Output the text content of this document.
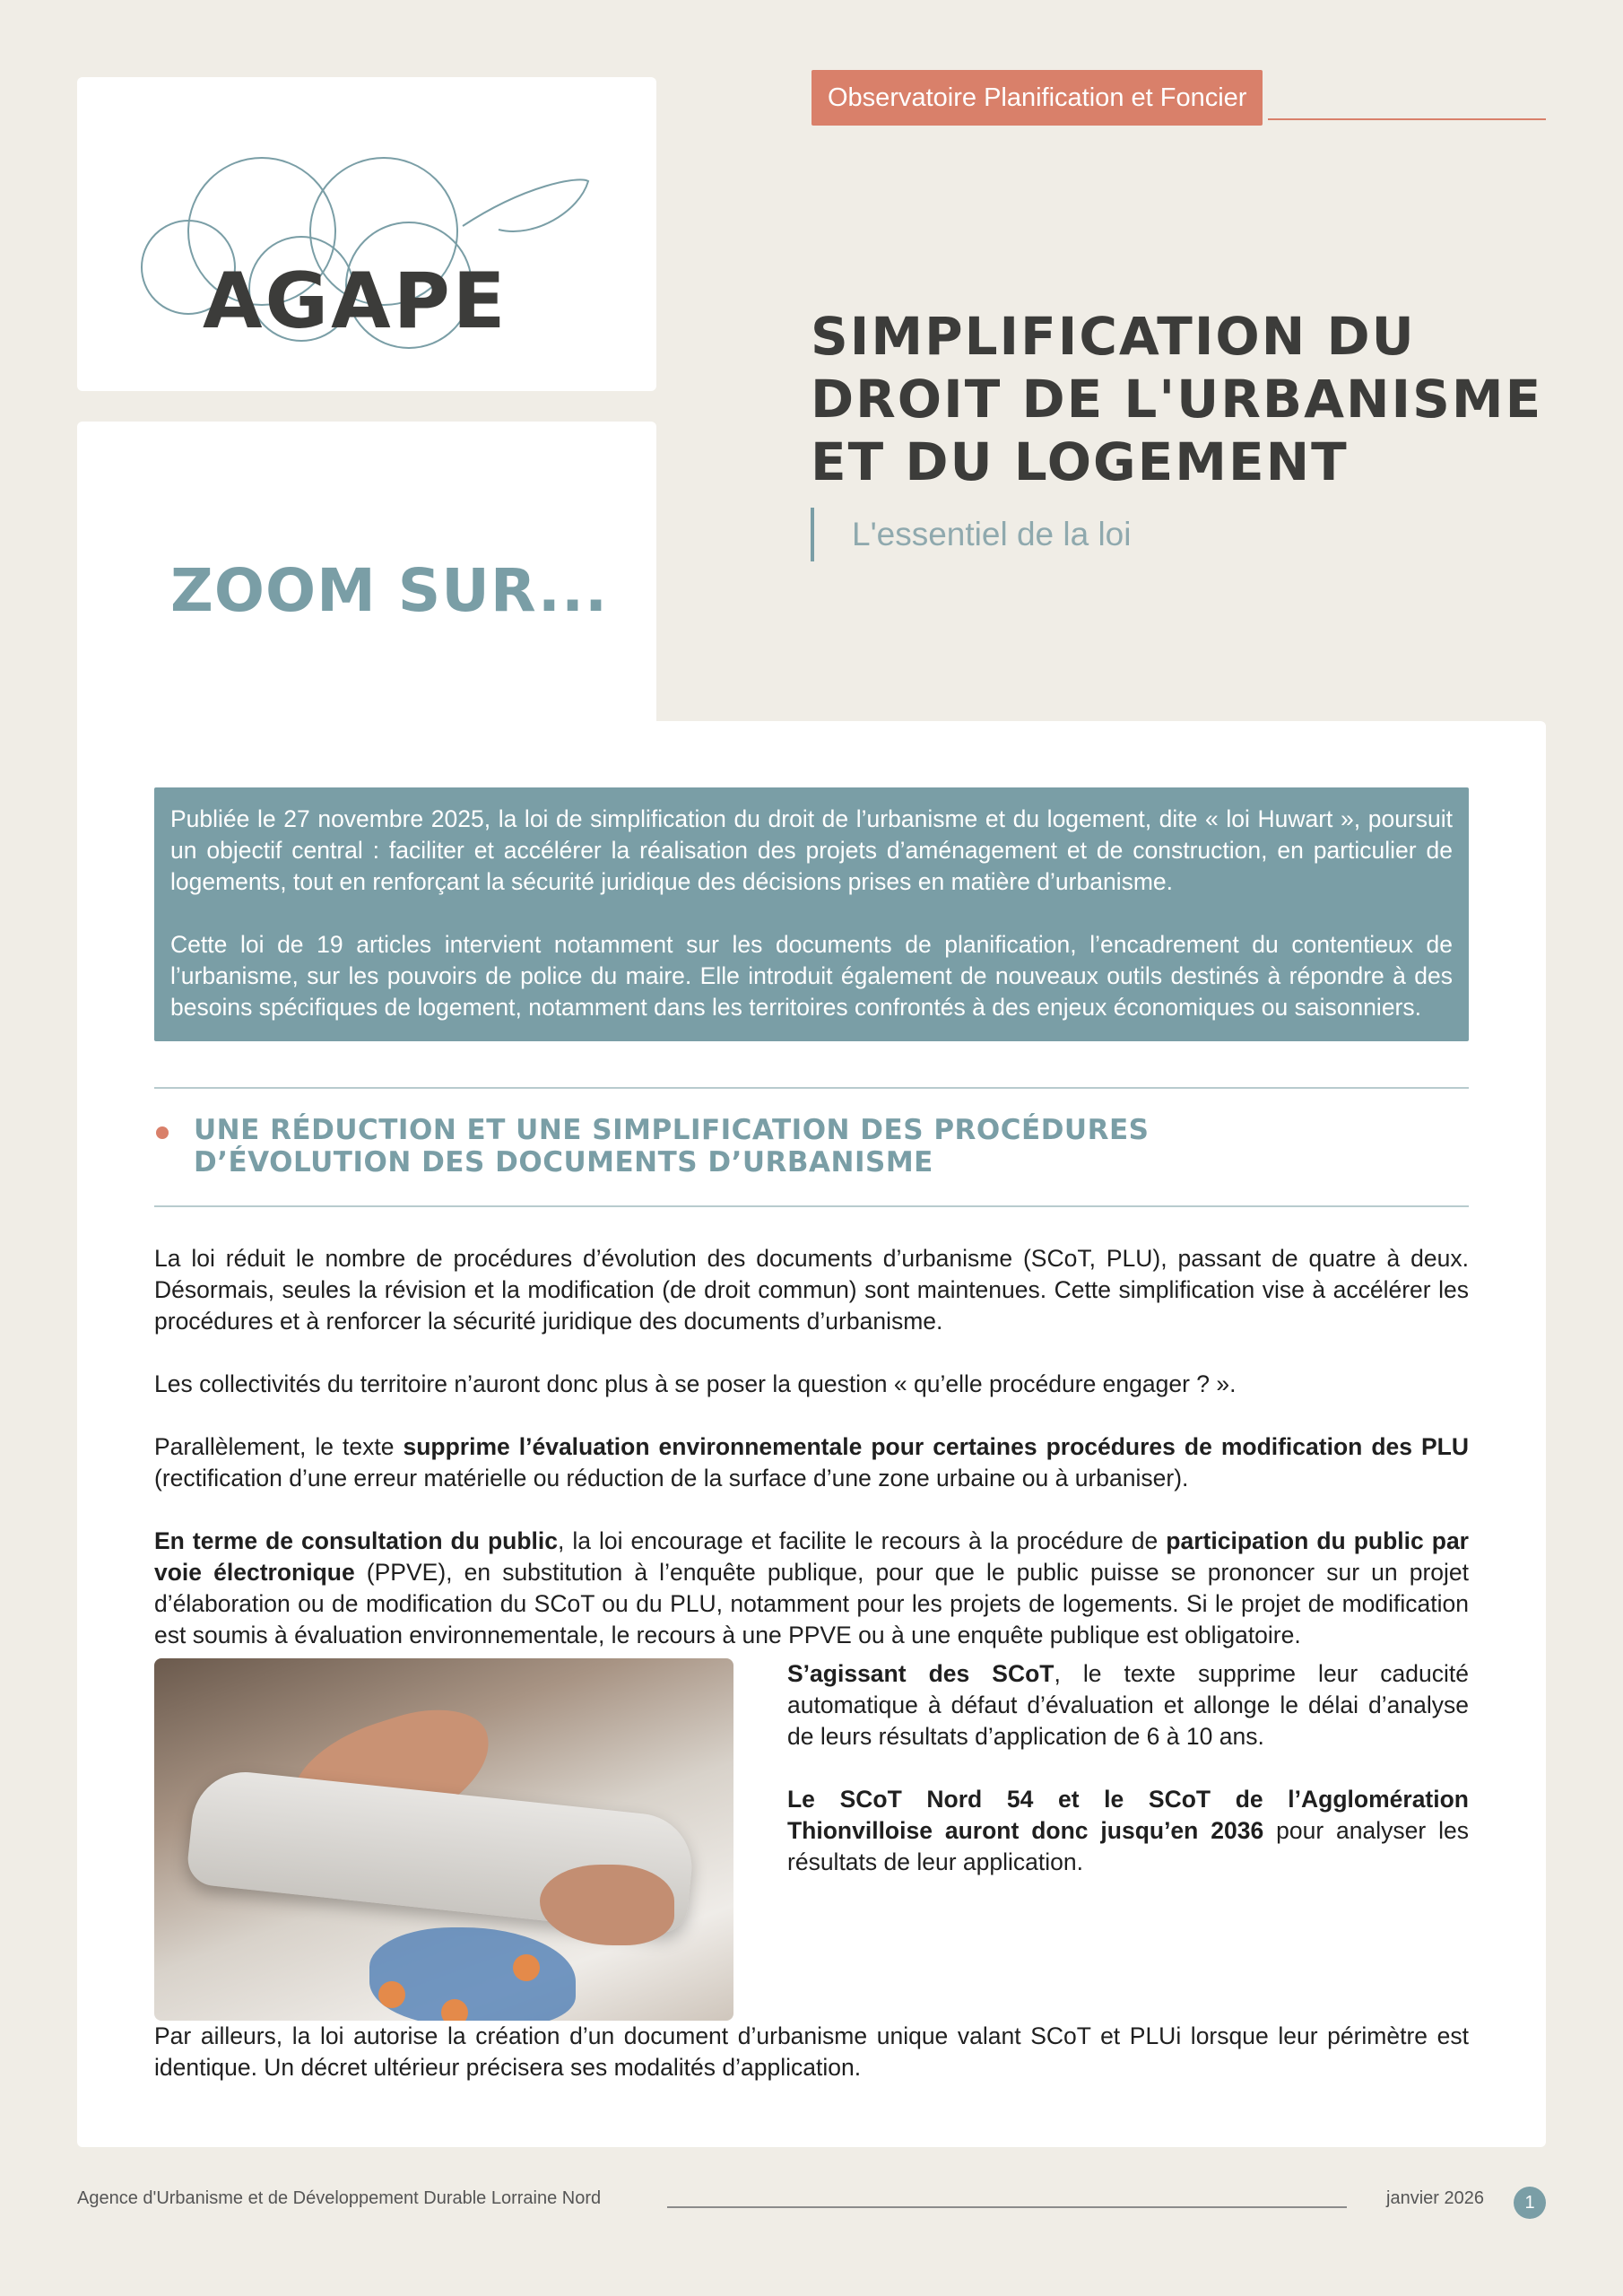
AGAPE

ZOOM SUR...

Observatoire Planification et Foncier
SIMPLIFICATION DU DROIT DE L'URBANISME ET DU LOGEMENT
L'essentiel de la loi

Publiée le 27 novembre 2025, la loi de simplification du droit de l’urbanisme et du logement, dite « loi Huwart », poursuit un objectif central : faciliter et accélérer la réalisation des projets d’aménagement et de construction, en particulier de logements, tout en renforçant la sécurité juridique des décisions prises en matière d’urbanisme.

Cette loi de 19 articles intervient notamment sur les documents de planification, l’encadrement du contentieux de l’urbanisme, sur les pouvoirs de police du maire. Elle introduit également de nouveaux outils destinés à répondre à des besoins spécifiques de logement, notamment dans les territoires confrontés à des enjeux économiques ou saisonniers.

UNE RÉDUCTION ET UNE SIMPLIFICATION DES PROCÉDURES D’ÉVOLUTION DES DOCUMENTS D’URBANISME

La loi réduit le nombre de procédures d’évolution des documents d’urbanisme (SCoT, PLU), passant de quatre à deux. Désormais, seules la révision et la modification (de droit commun) sont maintenues. Cette simplification vise à accélérer les procédures et à renforcer la sécurité juridique des documents d’urbanisme.

Les collectivités du territoire n’auront donc plus à se poser la question « qu’elle procédure engager ? ».

Parallèlement, le texte supprime l’évaluation environnementale pour certaines procédures de modification des PLU (rectification d’une erreur matérielle ou réduction de la surface d’une zone urbaine ou à urbaniser).

En terme de consultation du public, la loi encourage et facilite le recours à la procédure de participation du public par voie électronique (PPVE), en substitution à l’enquête publique, pour que le public puisse se prononcer sur un projet d’élaboration ou de modification du SCoT ou du PLU, notamment pour les projets de logements. Si le projet de modification est soumis à évaluation environnementale, le recours à une PPVE ou à une enquête publique est obligatoire.

S’agissant des SCoT, le texte supprime leur caducité automatique à défaut d’évaluation et allonge le délai d’analyse de leurs résultats d’application de 6 à 10 ans.

Le SCoT Nord 54 et le SCoT de l’Agglomération Thionvilloise auront donc jusqu’en 2036 pour analyser les résultats de leur application.

Par ailleurs, la loi autorise la création d’un document d’urbanisme unique valant SCoT et PLUi lorsque leur périmètre est identique. Un décret ultérieur précisera ses modalités d’application.

Agence d'Urbanisme et de Développement Durable Lorraine Nord	janvier 2026	1
